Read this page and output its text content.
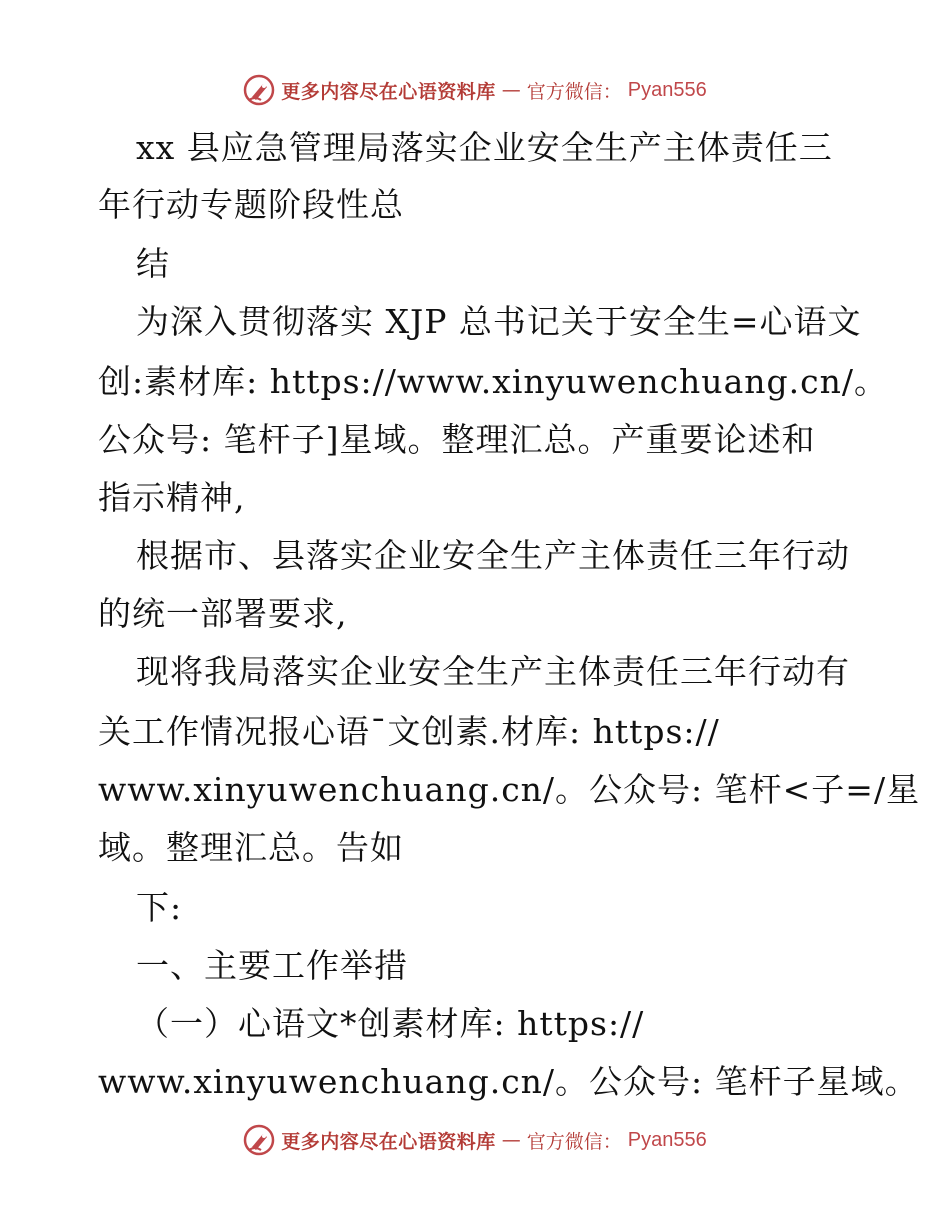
更多内容尽在心语资料库 — 官方微信： Pyan556
xx 县应急管理局落实企业安全生产主体责任三
年行动专题阶段性总
结
为深入贯彻落实 XJP 总书记关于安全生=心语文
创:素材库: https://www.xinyuwenchuang.cn/。
公众号: 笔杆子]星域。整理汇总。产重要论述和
指示精神,
根据市、县落实企业安全生产主体责任三年行动
的统一部署要求,
现将我局落实企业安全生产主体责任三年行动有
关工作情况报心语¯文创素.材库: https://
www.xinyuwenchuang.cn/。公众号: 笔杆<子=/星
域。整理汇总。告如
下:
一、主要工作举措
（一）心语文*创素材库: https://
www.xinyuwenchuang.cn/。公众号: 笔杆子星域。
更多内容尽在心语资料库 — 官方微信： Pyan556
